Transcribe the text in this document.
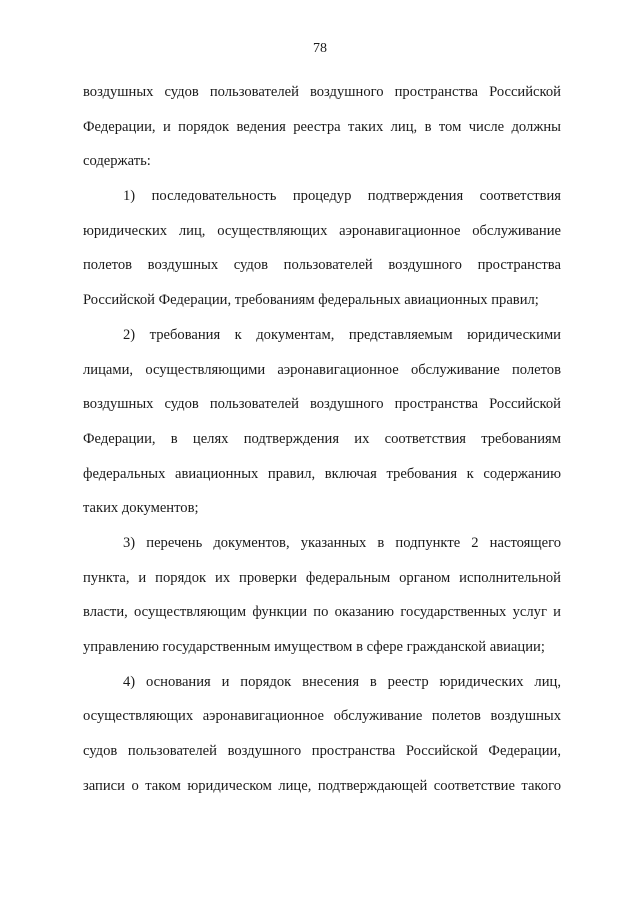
78
воздушных судов пользователей воздушного пространства Российской
Федерации, и порядок ведения реестра таких лиц, в том числе должны
содержать:
1) последовательность процедур подтверждения соответствия
юридических лиц, осуществляющих аэронавигационное обслуживание
полетов воздушных судов пользователей воздушного пространства
Российской Федерации, требованиям федеральных авиационных правил;
2) требования к документам, представляемым юридическими
лицами, осуществляющими аэронавигационное обслуживание полетов
воздушных судов пользователей воздушного пространства Российской
Федерации, в целях подтверждения их соответствия требованиям
федеральных авиационных правил, включая требования к содержанию
таких документов;
3) перечень документов, указанных в подпункте 2 настоящего
пункта, и порядок их проверки федеральным органом исполнительной
власти, осуществляющим функции по оказанию государственных услуг и
управлению государственным имуществом в сфере гражданской авиации;
4) основания и порядок внесения в реестр юридических лиц,
осуществляющих аэронавигационное обслуживание полетов воздушных
судов пользователей воздушного пространства Российской Федерации,
записи о таком юридическом лице, подтверждающей соответствие такого
